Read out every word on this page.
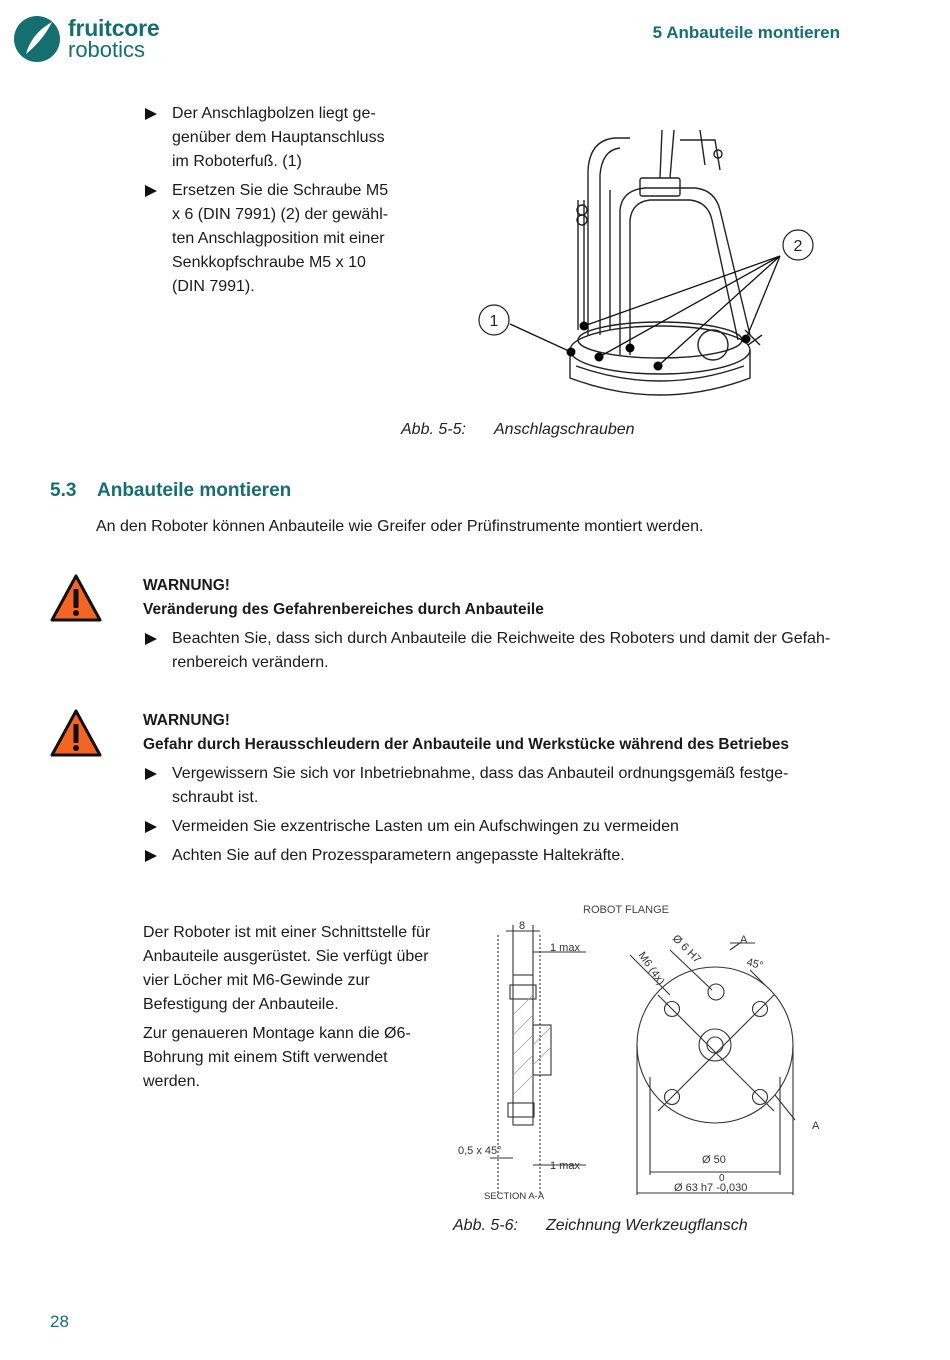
fruitcore
robotics
5 Anbauteile montieren
Der Anschlagbolzen liegt ge-genüber dem Hauptanschluss im Roboterfuß. (1)
Ersetzen Sie die Schraube M5 x 6 (DIN 7991) (2) der gewähl-ten Anschlagposition mit einer Senkkopfschraube M5 x 10 (DIN 7991).
1
2
Abb. 5-5: Anschlagschrauben
5.3 Anbauteile montieren
An den Roboter können Anbauteile wie Greifer oder Prüfinstrumente montiert werden.
WARNUNG!
Veränderung des Gefahrenbereiches durch Anbauteile
Beachten Sie, dass sich durch Anbauteile die Reichweite des Roboters und damit der Gefah-renbereich verändern.
WARNUNG!
Gefahr durch Herausschleudern der Anbauteile und Werkstücke während des Betriebes
Vergewissern Sie sich vor Inbetriebnahme, dass das Anbauteil ordnungsgemäß festge-schraubt ist.
Vermeiden Sie exzentrische Lasten um ein Aufschwingen zu vermeiden
Achten Sie auf den Prozessparametern angepasste Haltekräfte.
Der Roboter ist mit einer Schnittstelle für Anbauteile ausgerüstet. Sie verfügt über vier Löcher mit M6-Gewinde zur Befestigung der Anbauteile.
Zur genaueren Montage kann die Ø6-Bohrung mit einem Stift verwendet werden.
ROBOT FLANGE
8
1 max
0,5 x 45°
1 max
SECTION A-A
M6 (4x)
Ø 6 H7	A
45°
A
Ø 50
0
Ø 63 h7 -0,030
Abb. 5-6: Zeichnung Werkzeugflansch
28
